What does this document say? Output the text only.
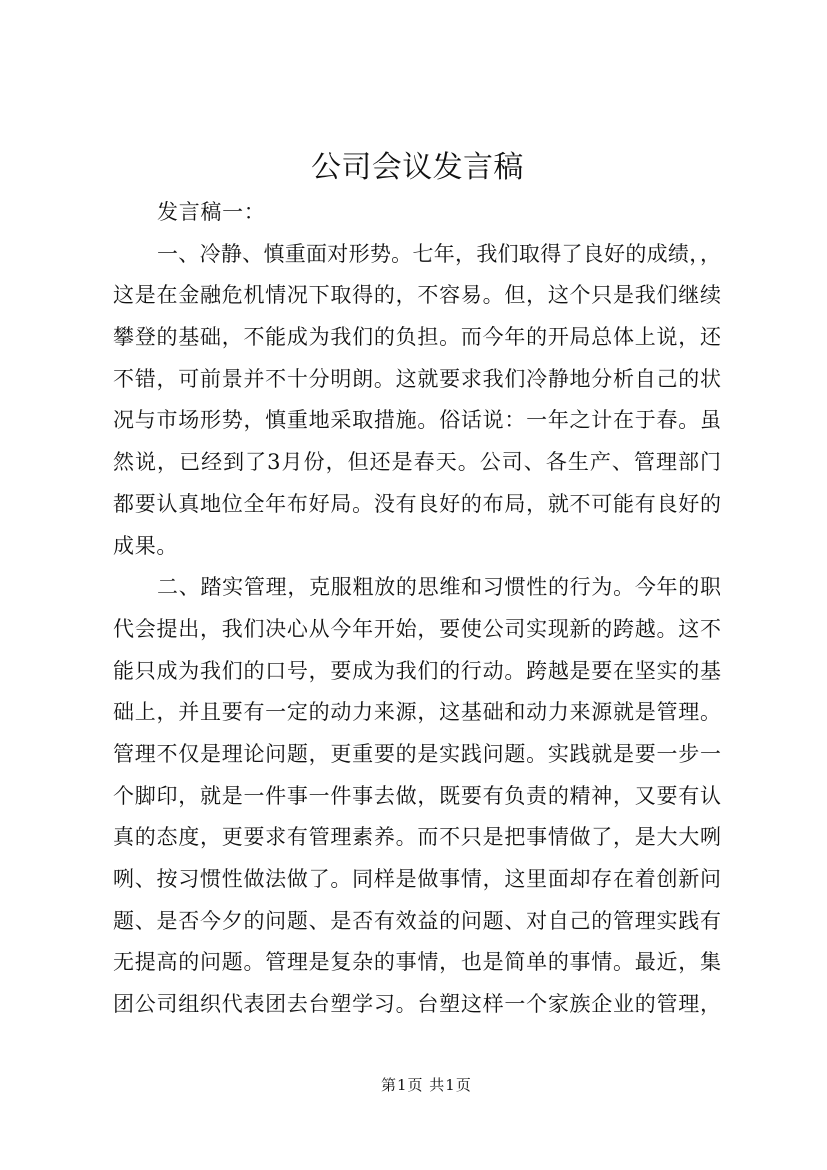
公司会议发言稿
发言稿一：
一、冷静、慎重面对形势。七年，我们取得了良好的成绩，，
这是在金融危机情况下取得的，不容易。但，这个只是我们继续
攀登的基础，不能成为我们的负担。而今年的开局总体上说，还
不错，可前景并不十分明朗。这就要求我们冷静地分析自己的状
况与市场形势，慎重地采取措施。俗话说：一年之计在于春。虽
然说，已经到了3月份，但还是春天。公司、各生产、管理部门
都要认真地位全年布好局。没有良好的布局，就不可能有良好的
成果。
二、踏实管理，克服粗放的思维和习惯性的行为。今年的职
代会提出，我们决心从今年开始，要使公司实现新的跨越。这不
能只成为我们的口号，要成为我们的行动。跨越是要在坚实的基
础上，并且要有一定的动力来源，这基础和动力来源就是管理。
管理不仅是理论问题，更重要的是实践问题。实践就是要一步一
个脚印，就是一件事一件事去做，既要有负责的精神，又要有认
真的态度，更要求有管理素养。而不只是把事情做了，是大大咧
咧、按习惯性做法做了。同样是做事情，这里面却存在着创新问
题、是否今夕的问题、是否有效益的问题、对自己的管理实践有
无提高的问题。管理是复杂的事情，也是简单的事情。最近，集
团公司组织代表团去台塑学习。台塑这样一个家族企业的管理，
第1页 共1页
